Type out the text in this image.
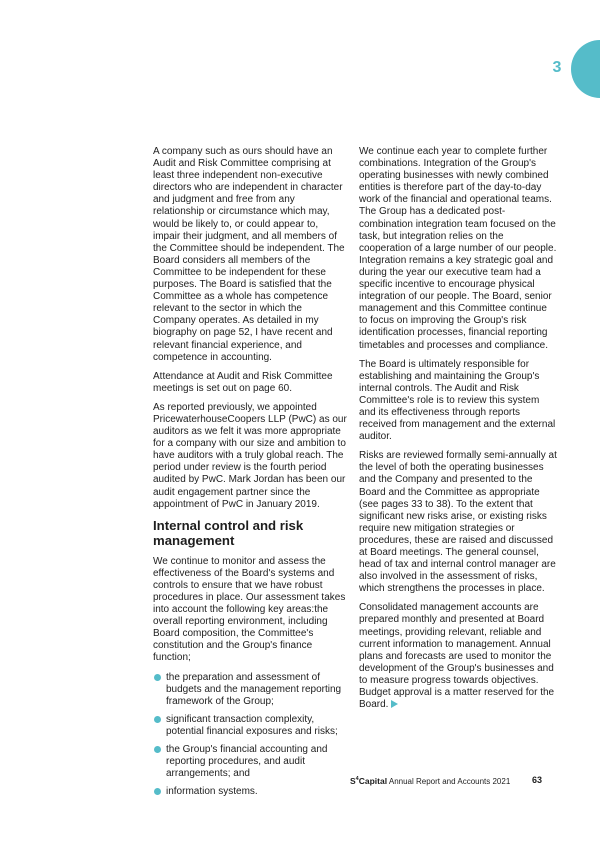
3

A company such as ours should have an Audit and Risk Committee comprising at least three independent non-executive directors who are independent in character and judgment and free from any relationship or circumstance which may, would be likely to, or could appear to, impair their judgment, and all members of the Committee should be independent. The Board considers all members of the Committee to be independent for these purposes. The Board is satisfied that the Committee as a whole has competence relevant to the sector in which the Company operates. As detailed in my biography on page 52, I have recent and relevant financial experience, and competence in accounting.

Attendance at Audit and Risk Committee meetings is set out on page 60.

As reported previously, we appointed PricewaterhouseCoopers LLP (PwC) as our auditors as we felt it was more appropriate for a company with our size and ambition to have auditors with a truly global reach. The period under review is the fourth period audited by PwC. Mark Jordan has been our audit engagement partner since the appointment of PwC in January 2019.

Internal control and risk management

We continue to monitor and assess the effectiveness of the Board's systems and controls to ensure that we have robust procedures in place. Our assessment takes into account the following key areas:the overall reporting environment, including Board composition, the Committee's constitution and the Group's finance function;

the preparation and assessment of budgets and the management reporting framework of the Group;
significant transaction complexity, potential financial exposures and risks;
the Group's financial accounting and reporting procedures, and audit arrangements; and
information systems.

We continue each year to complete further combinations. Integration of the Group's operating businesses with newly combined entities is therefore part of the day-to-day work of the financial and operational teams. The Group has a dedicated post-combination integration team focused on the task, but integration relies on the cooperation of a large number of our people. Integration remains a key strategic goal and during the year our executive team had a specific incentive to encourage physical integration of our people. The Board, senior management and this Committee continue to focus on improving the Group's risk identification processes, financial reporting timetables and processes and compliance.

The Board is ultimately responsible for establishing and maintaining the Group's internal controls. The Audit and Risk Committee's role is to review this system and its effectiveness through reports received from management and the external auditor.

Risks are reviewed formally semi-annually at the level of both the operating businesses and the Company and presented to the Board and the Committee as appropriate (see pages 33 to 38). To the extent that significant new risks arise, or existing risks require new mitigation strategies or procedures, these are raised and discussed at Board meetings. The general counsel, head of tax and internal control manager are also involved in the assessment of risks, which strengthens the processes in place.

Consolidated management accounts are prepared monthly and presented at Board meetings, providing relevant, reliable and current information to management. Annual plans and forecasts are used to monitor the development of the Group's businesses and to measure progress towards objectives. Budget approval is a matter reserved for the Board.

$S^4Capital$ Annual Report and Accounts 2021	63
